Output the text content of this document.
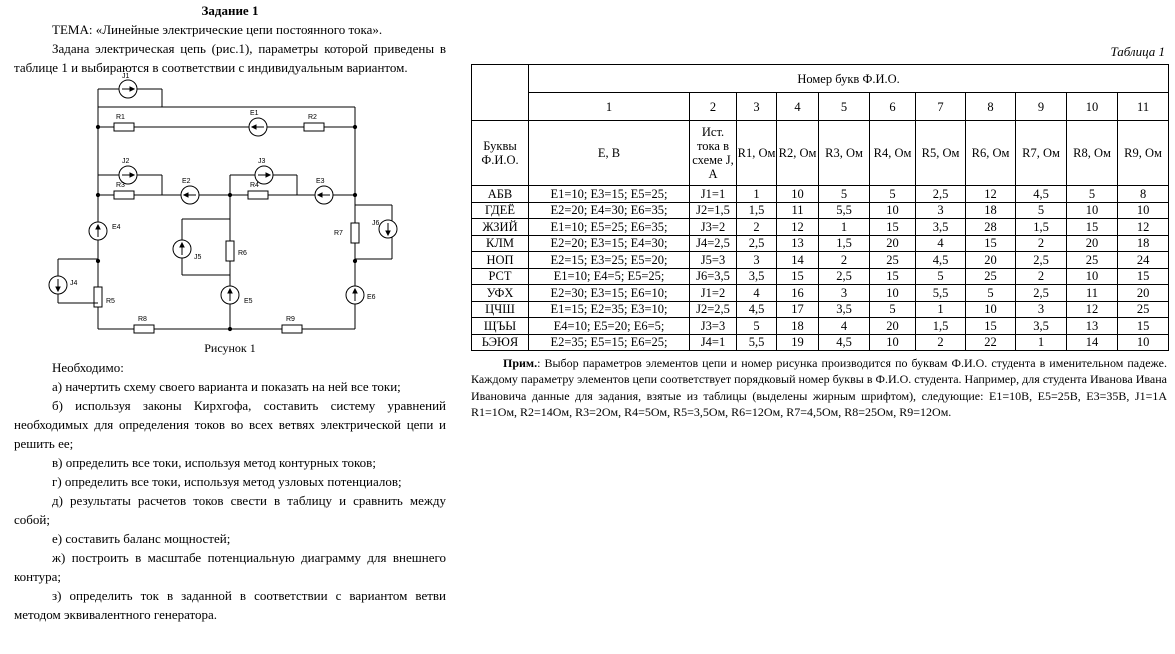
Задание 1
ТЕМА: «Линейные электрические цепи постоянного тока».
Задана электрическая цепь (рис.1), параметры которой приведены в таблице 1 и выбираются в соответствии с индивидуальным вариантом.
J1
R1
E1
R2
J2	J3
R3
E2
R4
E3
E4
J5
R6
R7
J6
J4
R5	E5
E6
R8	R9
Рисунок 1

Необходимо:

а) начертить схему своего варианта и показать на ней все токи;

б) используя законы Кирхгофа, составить систему уравнений необходимых для определения токов во всех ветвях электрической цепи и решить ее;

в) определить все токи, используя метод контурных токов;

г) определить все токи, используя метод узловых потенциалов;

д) результаты расчетов токов свести в таблицу и сравнить между собой;

е) составить баланс мощностей;

ж) построить в масштабе потенциальную диаграмму для внешнего контура;

з) определить ток в заданной в соответствии с вариантом ветви методом эквивалентного генератора.

Таблица 1
	Номер букв Ф.И.О.										
	1	2	3	4	5	6	7	8	9	10	11
Буквы Ф.И.О.	Е, В	Ист. тока в схеме J, А	R1, Ом	R2, Ом	R3, Ом	R4, Ом	R5, Ом	R6, Ом	R7, Ом	R8, Ом	R9, Ом
АБВ	Е1=10; Е3=15; Е5=25;	J1=1	1	10	5	5	2,5	12	4,5	5	8
ГДЕЁ	Е2=20; Е4=30; Е6=35;	J2=1,5	1,5	11	5,5	10	3	18	5	10	10
ЖЗИЙ	Е1=10; Е5=25; Е6=35;	J3=2	2	12	1	15	3,5	28	1,5	15	12
КЛМ	Е2=20; Е3=15; Е4=30;	J4=2,5	2,5	13	1,5	20	4	15	2	20	18
НОП	Е2=15; Е3=25; Е5=20;	J5=3	3	14	2	25	4,5	20	2,5	25	24
РСТ	Е1=10; Е4=5; Е5=25;	J6=3,5	3,5	15	2,5	15	5	25	2	10	15
УФХ	Е2=30; Е3=15; Е6=10;	J1=2	4	16	3	10	5,5	5	2,5	11	20
ЦЧШ	Е1=15; Е2=35; Е3=10;	J2=2,5	4,5	17	3,5	5	1	10	3	12	25
ЩЪЫ	Е4=10; Е5=20; Е6=5;	J3=3	5	18	4	20	1,5	15	3,5	13	15
ЬЭЮЯ	Е2=35; Е5=15; Е6=25;	J4=1	5,5	19	4,5	10	2	22	1	14	10
Прим.: Выбор параметров элементов цепи и номер рисунка производится по буквам Ф.И.О. студента в именительном падеже. Каждому параметру элементов цепи соответствует порядковый номер буквы в Ф.И.О. студента. Например, для студента Иванова Ивана Ивановича данные для задания, взятые из таблицы (выделены жирным шрифтом), следующие: Е1=10В, Е5=25В, Е3=35В, J1=1А R1=1Ом, R2=14Ом, R3=2Ом, R4=5Ом, R5=3,5Ом, R6=12Ом, R7=4,5Ом, R8=25Ом, R9=12Ом.
